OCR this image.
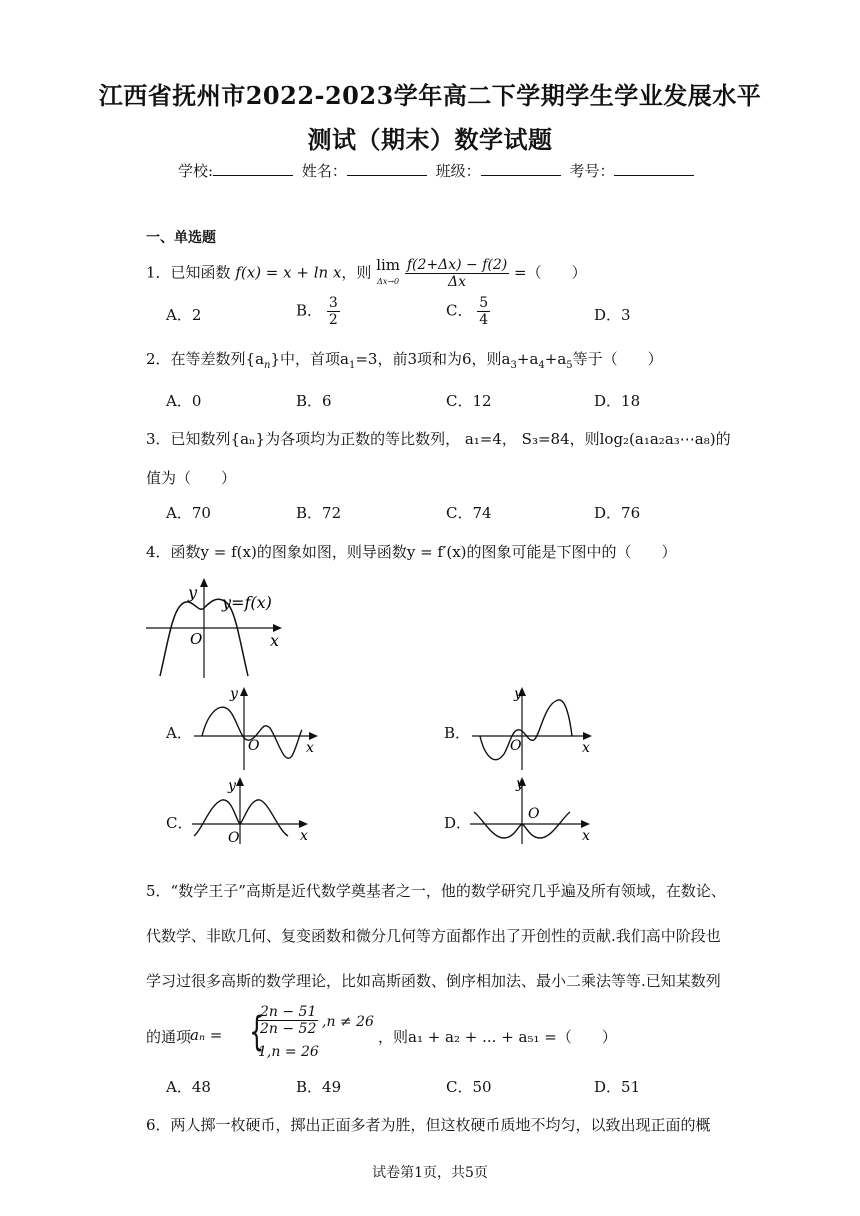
江西省抚州市2022-2023学年高二下学期学生学业发展水平
测试（期末）数学试题
学校:	姓名：	班级：	考号：
一、单选题
1．已知函数 f(x) = x + ln x，则 lim
$\Delta x\to 0 \frac{f(2+\Delta x) - f(2)}{\Delta x}$ =（　　）
A．2	B． $\frac{3}{2}$	C． $\frac{5}{4}$	D．3
2．在等差数列$\{a_n\}$中，首项$a_1=3$，前3项和为6，则$a_3+a_4+a_5$等于（　　）
A．0	B．6	C．12	D．18
3．已知数列{aₙ}为各项均为正数的等比数列， a₁=4， S₃=84，则log₂(a₁a₂a₃⋯a₈)的
值为（　　）
A．70	B．72	C．74	D．76
4．函数y = f(x)的图象如图，则导函数y = f′(x)的图象可能是下图中的（　　）
y
y=f(x)
O	x
A．
y
O	x
B．
y
O	x
C．
y
O	x
D．
y
O
x
5．“数学王子”高斯是近代数学奠基者之一，他的数学研究几乎遍及所有领域，在数论、
代数学、非欧几何、复变函数和微分几何等方面都作出了开创性的贡献.我们高中阶段也
学习过很多高斯的数学理论，比如高斯函数、倒序相加法、最小二乘法等等.已知某数列
的通项
aₙ = {
$\frac{2n - 51}{2n - 52} ,n \ne 26$
1,n = 26
，则a₁ + a₂ + ... + a₅₁ =（　　）
A．48	B．49	C．50	D．51
6．两人掷一枚硬币，掷出正面多者为胜，但这枚硬币质地不均匀，以致出现正面的概
试卷第1页，共5页
